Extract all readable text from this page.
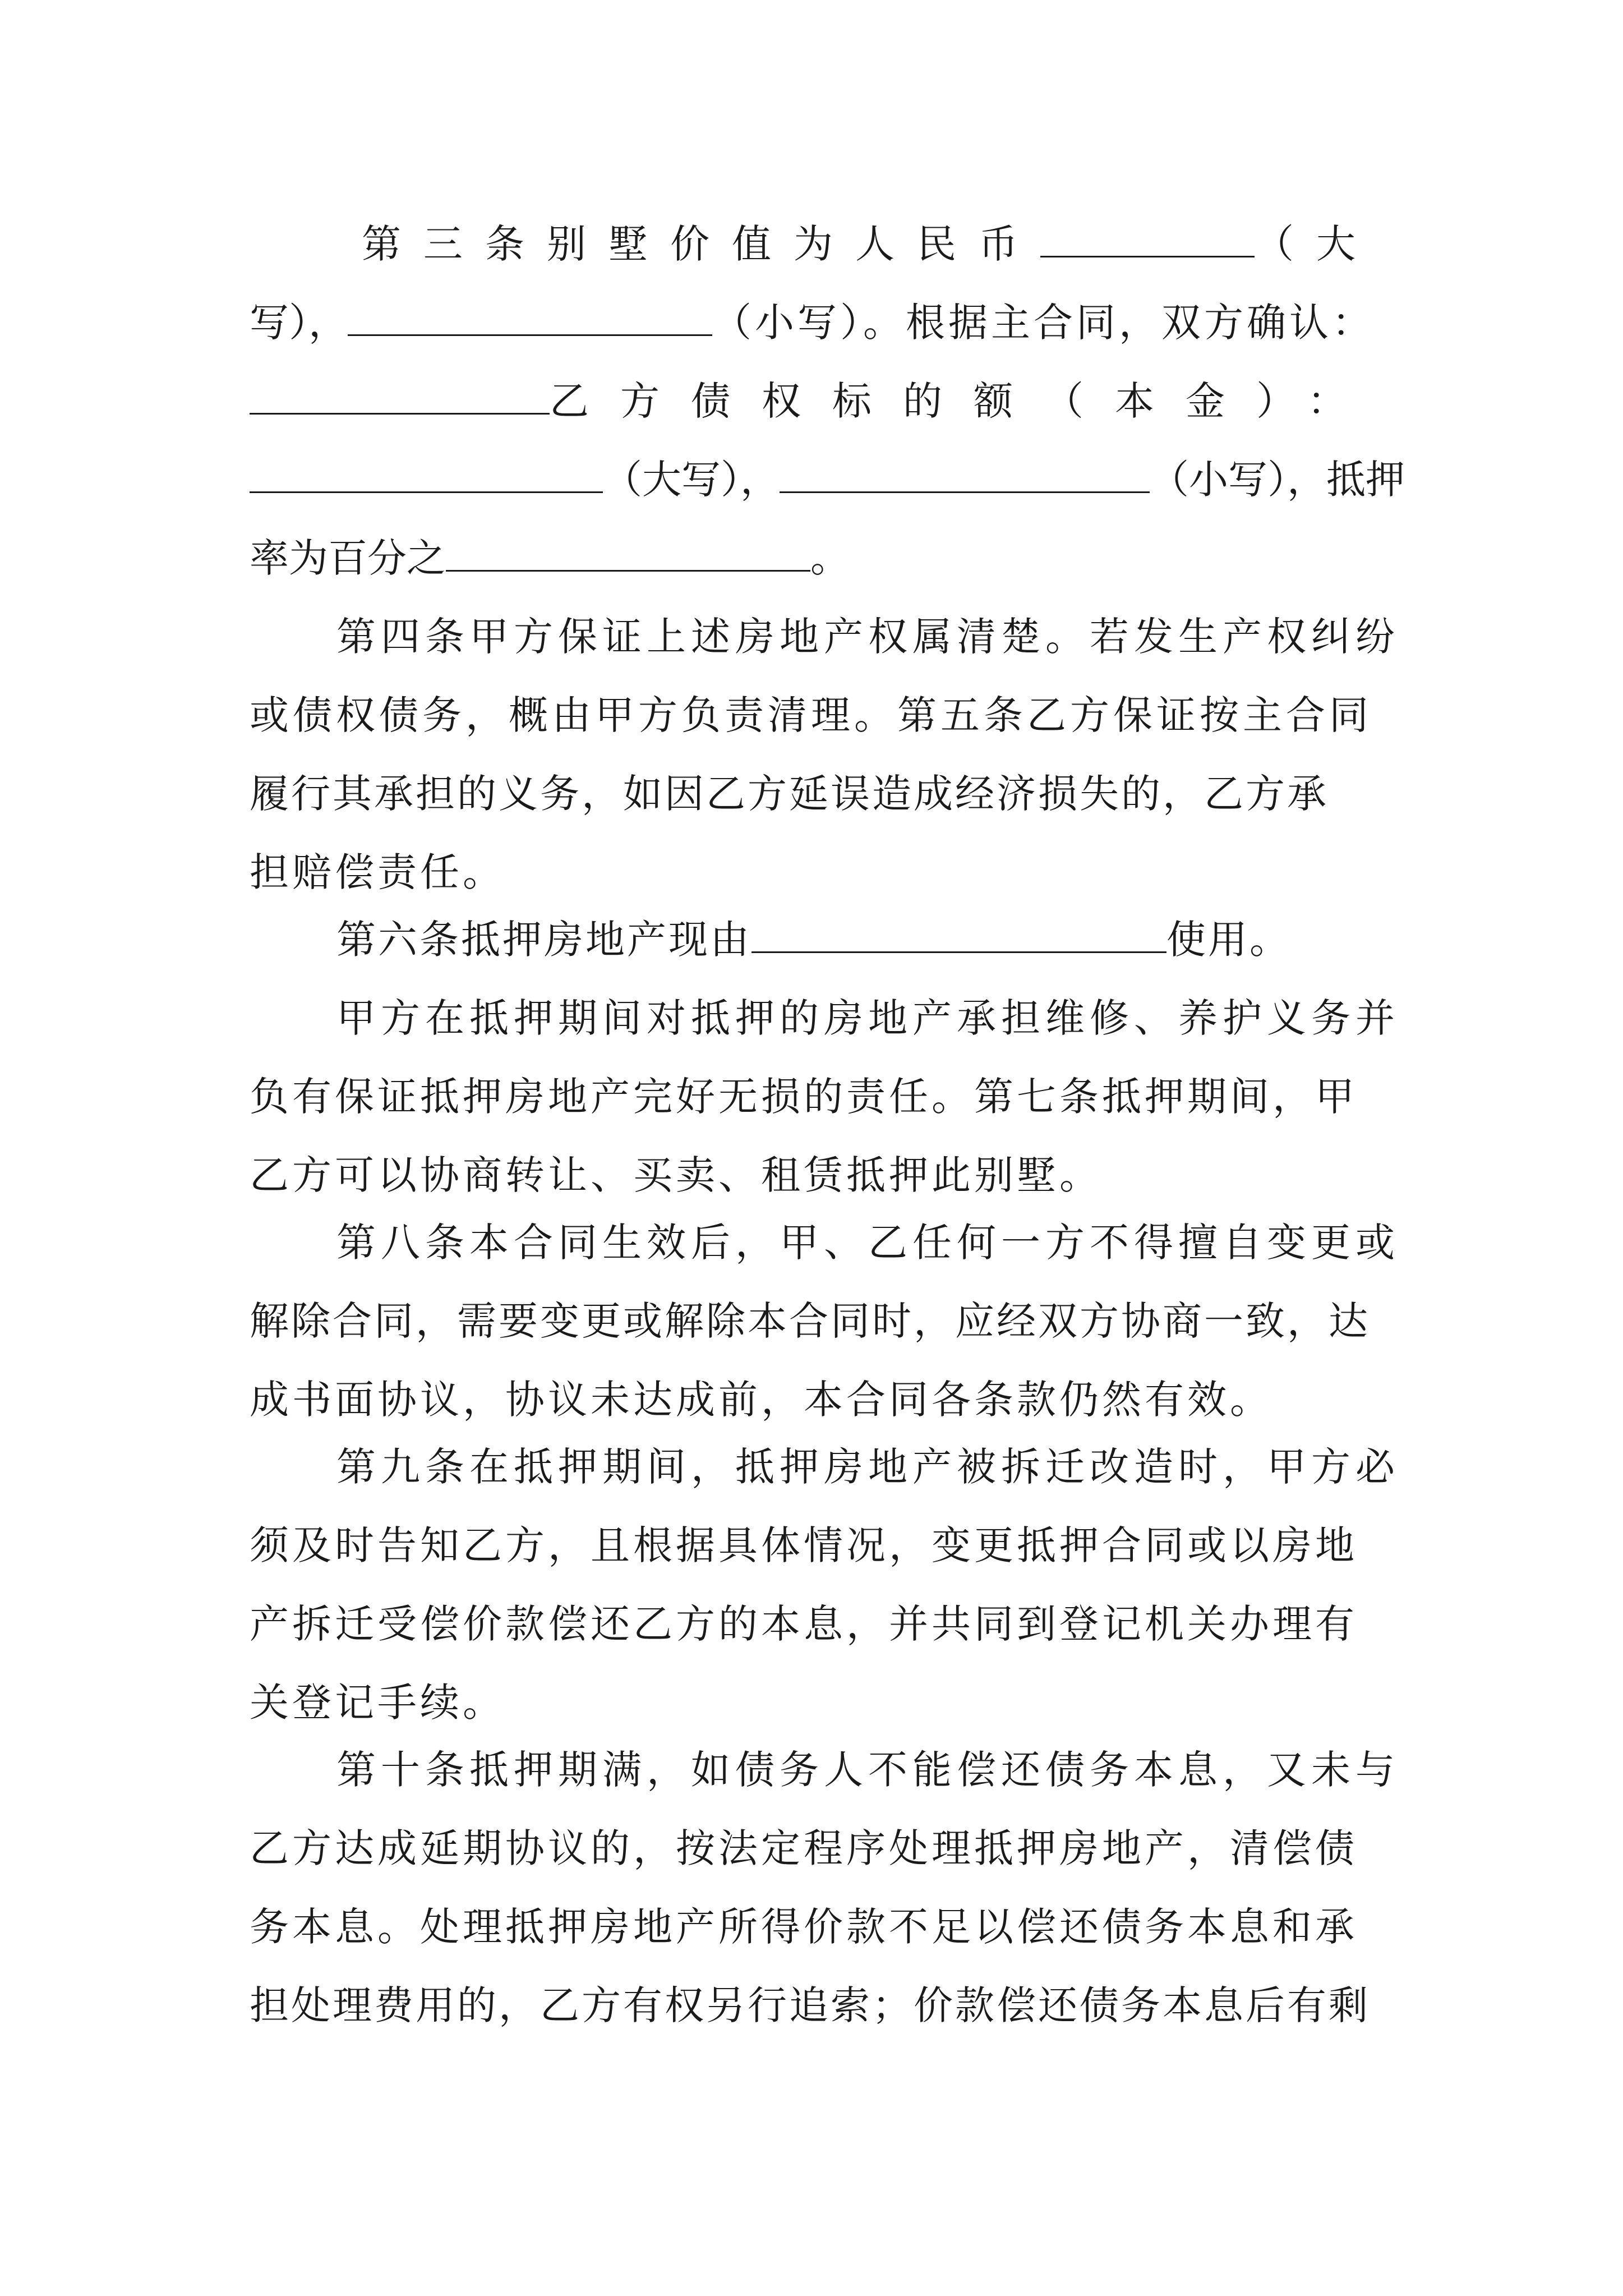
第三条别墅价值为人民币	（大
写），	（小写）。根据主合同，双方确认：
乙方债权标的额（本金）：
（大写），	（小写），抵押
率为百分之	。
第四条甲方保证上述房地产权属清楚。若发生产权纠纷
或债权债务，概由甲方负责清理。第五条乙方保证按主合同
履行其承担的义务，如因乙方延误造成经济损失的，乙方承
担赔偿责任。
第六条抵押房地产现由	使用。
甲方在抵押期间对抵押的房地产承担维修、养护义务并
负有保证抵押房地产完好无损的责任。第七条抵押期间，甲
乙方可以协商转让、买卖、租赁抵押此别墅。
第八条本合同生效后，甲、乙任何一方不得擅自变更或
解除合同，需要变更或解除本合同时，应经双方协商一致，达
成书面协议，协议未达成前，本合同各条款仍然有效。
第九条在抵押期间，抵押房地产被拆迁改造时，甲方必
须及时告知乙方，且根据具体情况，变更抵押合同或以房地
产拆迁受偿价款偿还乙方的本息，并共同到登记机关办理有
关登记手续。
第十条抵押期满，如债务人不能偿还债务本息，又未与
乙方达成延期协议的，按法定程序处理抵押房地产，清偿债
务本息。处理抵押房地产所得价款不足以偿还债务本息和承
担处理费用的，乙方有权另行追索；价款偿还债务本息后有剩
